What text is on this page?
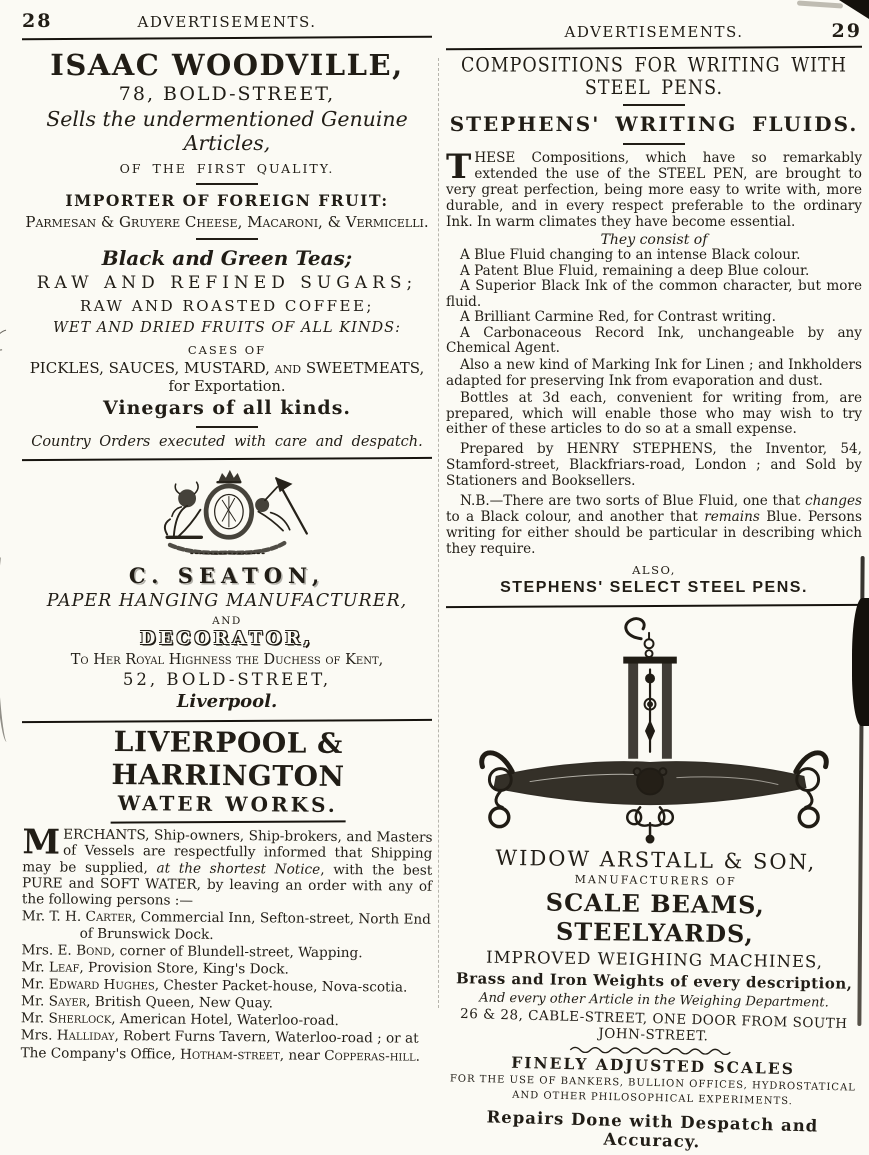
28	ADVERTISEMENTS.
ISAAC WOODVILLE,
78, BOLD-STREET,
Sells the undermentioned Genuine Articles,
OF THE FIRST QUALITY.
IMPORTER OF FOREIGN FRUIT:
Parmesan & Gruyere Cheese, Macaroni, & Vermicelli.
Black and Green Teas;
RAW AND REFINED SUGARS;
RAW AND ROASTED COFFEE;
WET AND DRIED FRUITS OF ALL KINDS:
CASES OF
PICKLES, SAUCES, MUSTARD, and SWEETMEATS,
for Exportation.
Vinegars of all kinds.
Country Orders executed with care and despatch.
C. SEATON,
PAPER HANGING MANUFACTURER,
AND
DECORATOR,
To Her Royal Highness the Duchess of Kent,
52, BOLD-STREET,
Liverpool.
LIVERPOOL & HARRINGTON
WATER WORKS.
MERCHANTS, Ship-owners, Ship-brokers, and Masters of Vessels are respectfully informed that Shipping may be supplied, at the shortest Notice, with the best PURE and SOFT WATER, by leaving an order with any of the following persons :—
Mr. T. H. Carter, Commercial Inn, Sefton-street, North End of Brunswick Dock.
Mrs. E. Bond, corner of Blundell-street, Wapping.
Mr. Leaf, Provision Store, King's Dock.
Mr. Edward Hughes, Chester Packet-house, Nova-scotia.
Mr. Sayer, British Queen, New Quay.
Mr. Sherlock, American Hotel, Waterloo-road.
Mrs. Halliday, Robert Furns Tavern, Waterloo-road ; or at
The Company's Office, Hotham-street, near Copperas-hill.
ADVERTISEMENTS.	29
COMPOSITIONS FOR WRITING WITH STEEL PENS.
STEPHENS' WRITING FLUIDS.
THESE Compositions, which have so remarkably extended the use of the STEEL PEN, are brought to very great perfection, being more easy to write with, more durable, and in every respect preferable to the ordinary Ink. In warm climates they have become essential.
They consist of
A Blue Fluid changing to an intense Black colour.
A Patent Blue Fluid, remaining a deep Blue colour.
A Superior Black Ink of the common character, but more fluid.
A Brilliant Carmine Red, for Contrast writing.
A Carbonaceous Record Ink, unchangeable by any Chemical Agent.
Also a new kind of Marking Ink for Linen ; and Inkholders adapted for preserving Ink from evaporation and dust.
Bottles at 3d each, convenient for writing from, are prepared, which will enable those who may wish to try either of these articles to do so at a small expense.
Prepared by HENRY STEPHENS, the Inventor, 54, Stamford-street, Blackfriars-road, London ; and Sold by Stationers and Booksellers.
N.B.—There are two sorts of Blue Fluid, one that changes to a Black colour, and another that remains Blue. Persons writing for either should be particular in describing which they require.
ALSO,
STEPHENS' SELECT STEEL PENS.
WIDOW ARSTALL & SON,
MANUFACTURERS OF
SCALE BEAMS, STEELYARDS,
IMPROVED WEIGHING MACHINES,
Brass and Iron Weights of every description,
And every other Article in the Weighing Department.
26 & 28, CABLE-STREET, ONE DOOR FROM SOUTH JOHN-STREET.
FINELY ADJUSTED SCALES
FOR THE USE OF BANKERS, BULLION OFFICES, HYDROSTATICAL AND OTHER PHILOSOPHICAL EXPERIMENTS.
Repairs Done with Despatch and Accuracy.
